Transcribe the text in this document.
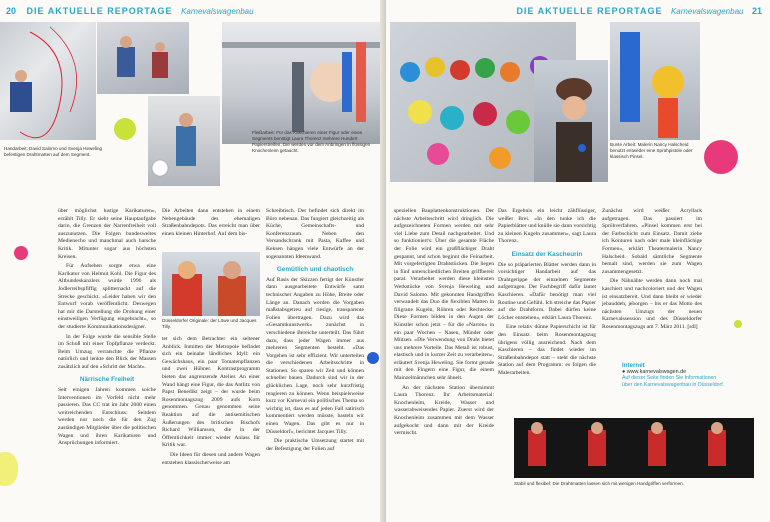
20 DIE AKTUELLE REPORTAGE Karnevalswagenbau
Handarbeit: David Salomo und Svenja Heweling befestigen Drahtmatten auf dem Segment.
Fleißarbeit: Für das Kaschieren einer Figur oder eines Segments benötigt Laura Thorenz mehrere Hundert Papierstreifen. Die werden vor dem Anbringen in flüssigen Knochenleim getaucht.

über möglichst lustige Karikaturen«, erzählt Tilly. Er sieht seine Hauptaufgabe darin, die Grenzen der Narrenfreiheit voll auszunutzen. Die Folgen bundesweites Medienecho und manchmal auch harsche Kritik. Mitunter sogar aus höchsten Kreisen.

Für Aufsehen sorgte etwa eine Karikatur von Helmut Kohl. Die Figur des Altbundeskanzlers wurde 1996 als Jodlerreibspfiffig splitternackt auf die Strecke geschickt. »Leider haben wir den Entwurf vorab veröffentlicht. Deswegen hat mir die Darstellung die Drohung einer einstweiligen Verfügung eingebracht«, so der studierte Kommunikationsdesigner.

In der Folge wurde die sensible Stelle im Schoß mit einer Topfpflanze verdeckt. Beim Umzug verratschte die Pflanze natürlich und lenkte den Blick der Massen zusätzlich auf den »Schritt der Macht«.

Närrische Freiheit

Seit einigen Jahren kommen solche Interventionen im Vorfeld nicht mehr passieren. Das CC trat im Jahr 2000 einen weitreichenden Entschluss: Seitdem werden nur noch die für den Zug zuständigen Mitglieder über die politischen Wagen und ihren Karikaturen und Ansprüchungen informiert.

Die Arbeiten dann entstehen in einem Nebengebäude des ehemaligen Straßenbahndepots. Das erreicht man über einen kleinen Hinterhof. Auf dem bis-

Düsseldorfer Originale: der Löwe und Jacques Tilly.

tet sich dem Betrachter ein seltener Anblick. Inmitten der Metropole befindet sich ein beinahe ländliches Idyll: ein Gewächshaus, ein paar Tomatenpflanzen und zwei Hühner. Kontrastprogramm bieten das angrenzende Atelier. An einer Wand hängt eine Figur, die das Antlitz von Papst Benedikt zeigt – der wurde beim Rosenmontagszug 2009 aufs Korn genommen. Genau genommen seine Reaktion auf die antisemitischen Äußerungen des britischen Bischofs Richard Williamson, die in der Öffentlichkeit immer wieder Anlass für Kritik war.

Die Ideen für diesen und andere Wagen entstehen klassischerweise am

Schreibtisch. Der befindet sich direkt im Büro nebenan. Das fungiert gleichzeitig als Küche, Gemeinschafts- und Konferenzraum. Neben den Versandschrank mit Pasta, Kaffee und Keksen hängen viele Entwürfe an der sogenannten Ideenwand.

Gemütlich und chaotisch

Auf Basis der Skizzen fertigt der Künstler dann ausgearbeitete Entwürfe samt technischer Angaben zu Höhe, Breite oder Länge an. Danach werden die Vorgaben maßstabsgetreu auf riesige, transparente Folien übertragen. Dazu wird das »Gesamtkunstwerk« zunächst in verschiedene Bereiche unterteilt. Das führt dazu, dass jeder Wagen immer aus mehreren Segmenten besteht. »Das Vorgehen ist sehr effizient. Wir unterteilen die verschiedenen Arbeitsschritte in Stationen. So sparen wir Zeit und können schneller bauen. Dadurch sind wir in der glücklichen Lage, noch sehr kurzfristig reagieren zu können. Wenn beispielsweise kurz vor Karneval ein politisches Thema so wichtig ist, dass es auf jeden Fall satirisch kommentiert werden müsste, basteln wir einen Wagen. Das gibt es nur in Düsseldorf«, berichtet Jacques Tilly.

Die praktische Umsetzung startet mit der Befestigung der Folien auf

DIE AKTUELLE REPORTAGE Karnevalswagenbau 21
Bunte Arbeit: Malerin Nancy Halscheid benutzt entweder eine Sprühpistole oder klassisch Pinsel.

speziellen Bauplattenkonstruktionen. Der nächste Arbeitsschritt wird dringlich. Die aufgezeichneten Formen werden mit sehr viel Liebe zum Detail nachgearbeitet. Und so funktioniert's: Über die gesamte Fläche der Folie wird ein großflächiger Draht gespannt, und schon beginnt die Feinarbeit. Mit vorgefertigten Drahtstücken. Die liegen in fünf unterschiedlichen Breiten griffbereit parat. Verarbeitet werden diese kleinsten Werkstücke von Svenja Heweling und David Salomo. Mit gekonnten Handgriffen verwandelt das Duo die flexiblen Matten in filigrane Kugeln, Röhren oder Rechtecke. Diese Formen bilden in den Augen der Künstler schon jetzt – für die »Narren« in ein paar Wochen – Nasen, Münder oder Mützen. »Die Verwendung von Draht bietet uns mehrere Vorteile. Das Metall ist robust, elastisch und in kurzer Zeit zu verarbeiten«, erläutert Svenja Heweling. Sie formt gerade mit den Fingern eine Figur, die einem Mainzelmännchen sehr ähnelt.

An der nächsten Station übernimmt Laura Thorenz. Ihr Arbeitsmaterial: Knochenleim, Kreide, Wasser und wasserabweisendes Papier. Zuerst wird der Knochenleim zusammen mit dem Wasser aufgekocht und dann mit der Kreide vermischt.

Das Ergebnis ein leicht zähflüssiger, weißer Brei. »In den tunke ich die Papierblätter und knülle sie dann vorsichtig zu kleinen Kugeln zusammen«, sagt Laura Thorenz.

Einsatz der Kascheurin

Die so präparierten Blätter werden dann in vorsichtiger Handarbeit auf das Drahtgerippe der einzelnen Segmente aufgetragen. Der Fachbegriff dafür lautet Kaschieren. »Dafür benötigt man viel Routine und Gefühl. Ich streiche das Papier auf die Drahtform. Dabei dürfen keine Löcher entstehen«, erklärt Laura Thorenz.

Eine relativ dünne Papierschicht ist für den Einsatz beim Rosenmontagszug übrigens völlig ausreichend. Nach dem Kaschieren – das findet wieder im Straßenbahndepot statt – steht die nächste Station auf dem Programm: es folgen die Malerarbeiten.

Zunächst wird weißer Acryllack aufgetragen. Das passiert im Sprühverfahren. »Pinsel kommen erst bei der Farbschicht zum Einsatz. Damit ziehe ich Konturen nach oder male kleinflächige Formen«, erklärt Theatermalerin Nancy Halscheid. Sobald sämtliche Segmente bemalt sind, werden sie zum Wagen zusammengesetzt.

Die Nähnähte werden dann noch mal kaschiert und nachcoloriert und der Wagen ist einsatzbereit. Und dann bleibt er wieder jebauddeh, jeborgen – bis er das Motto des nächsten Umzugs der neuen Karnevalssession und des Düsseldorfer Rosenmontagszugs am 7. März 2011. [sdl]

Internet
● www.karnevalswagen.de
Auf dieser Seite finden Sie Informationen
über den Karnevalswagenbau in Düsseldorf.
Stabil und flexibel: Die Drahtmatten lassen sich mit wenigen Handgriffen verformen.
